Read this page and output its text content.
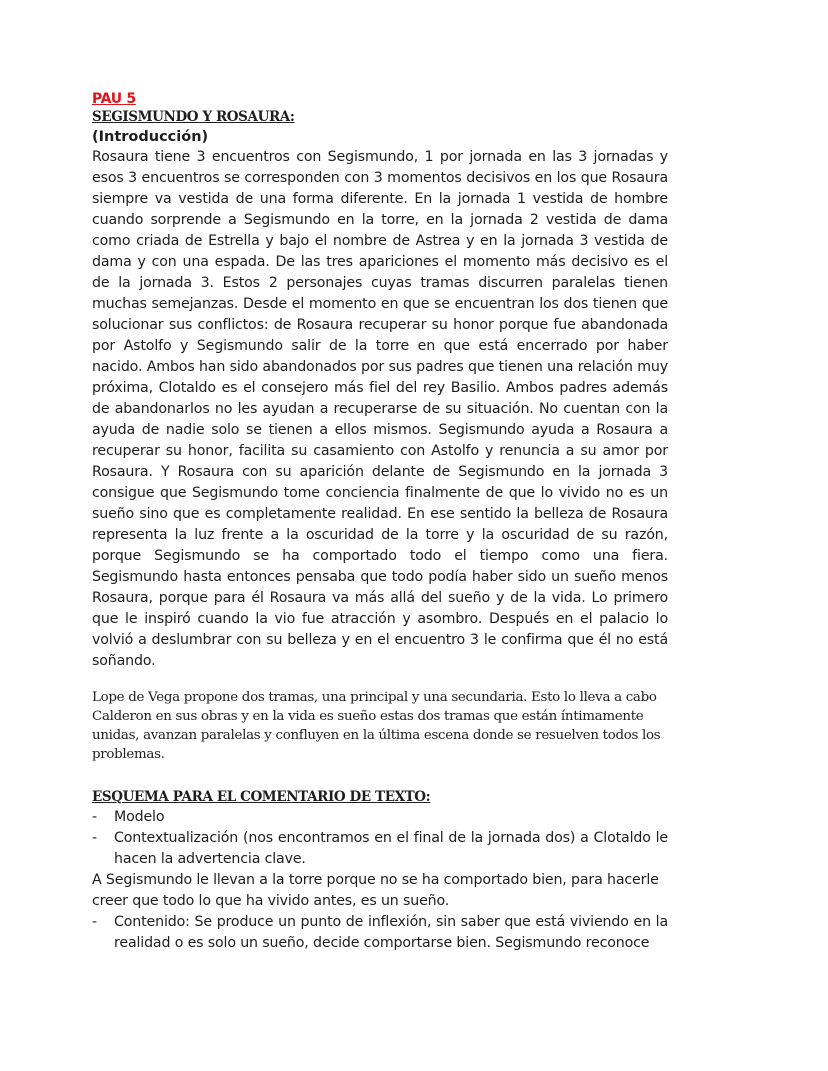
PAU 5
SEGISMUNDO Y ROSAURA:
(Introducción)

Rosaura tiene 3 encuentros con Segismundo, 1 por jornada en las 3 jornadas y esos 3 encuentros se corresponden con 3 momentos decisivos en los que Rosaura siempre va vestida de una forma diferente. En la jornada 1 vestida de hombre cuando sorprende a Segismundo en la torre, en la jornada 2 vestida de dama como criada de Estrella y bajo el nombre de Astrea y en la jornada 3 vestida de dama y con una espada. De las tres apariciones el momento más decisivo es el de la jornada 3. Estos 2 personajes cuyas tramas discurren paralelas tienen muchas semejanzas. Desde el momento en que se encuentran los dos tienen que solucionar sus conflictos: de Rosaura recuperar su honor porque fue abandonada por Astolfo y Segismundo salir de la torre en que está encerrado por haber nacido. Ambos han sido abandonados por sus padres que tienen una relación muy próxima, Clotaldo es el consejero más fiel del rey Basilio. Ambos padres además de abandonarlos no les ayudan a recuperarse de su situación. No cuentan con la ayuda de nadie solo se tienen a ellos mismos. Segismundo ayuda a Rosaura a recuperar su honor, facilita su casamiento con Astolfo y renuncia a su amor por Rosaura. Y Rosaura con su aparición delante de Segismundo en la jornada 3 consigue que Segismundo tome conciencia finalmente de que lo vivido no es un sueño sino que es completamente realidad. En ese sentido la belleza de Rosaura representa la luz frente a la oscuridad de la torre y la oscuridad de su razón, porque Segismundo se ha comportado todo el tiempo como una fiera. Segismundo hasta entonces pensaba que todo podía haber sido un sueño menos Rosaura, porque para él Rosaura va más allá del sueño y de la vida. Lo primero que le inspiró cuando la vio fue atracción y asombro. Después en el palacio lo volvió a deslumbrar con su belleza y en el encuentro 3 le confirma que él no está soñando.

Lope de Vega propone dos tramas, una principal y una secundaria. Esto lo lleva a cabo Calderon en sus obras y en la vida es sueño estas dos tramas que están íntimamente unidas, avanzan paralelas y confluyen en la última escena donde se resuelven todos los problemas.

ESQUEMA PARA EL COMENTARIO DE TEXTO:
- Modelo
- Contextualización (nos encontramos en el final de la jornada dos) a Clotaldo le hacen la advertencia clave.

A Segismundo le llevan a la torre porque no se ha comportado bien, para hacerle creer que todo lo que ha vivido antes, es un sueño.

- Contenido: Se produce un punto de inflexión, sin saber que está viviendo en la realidad o es solo un sueño, decide comportarse bien. Segismundo reconoce
